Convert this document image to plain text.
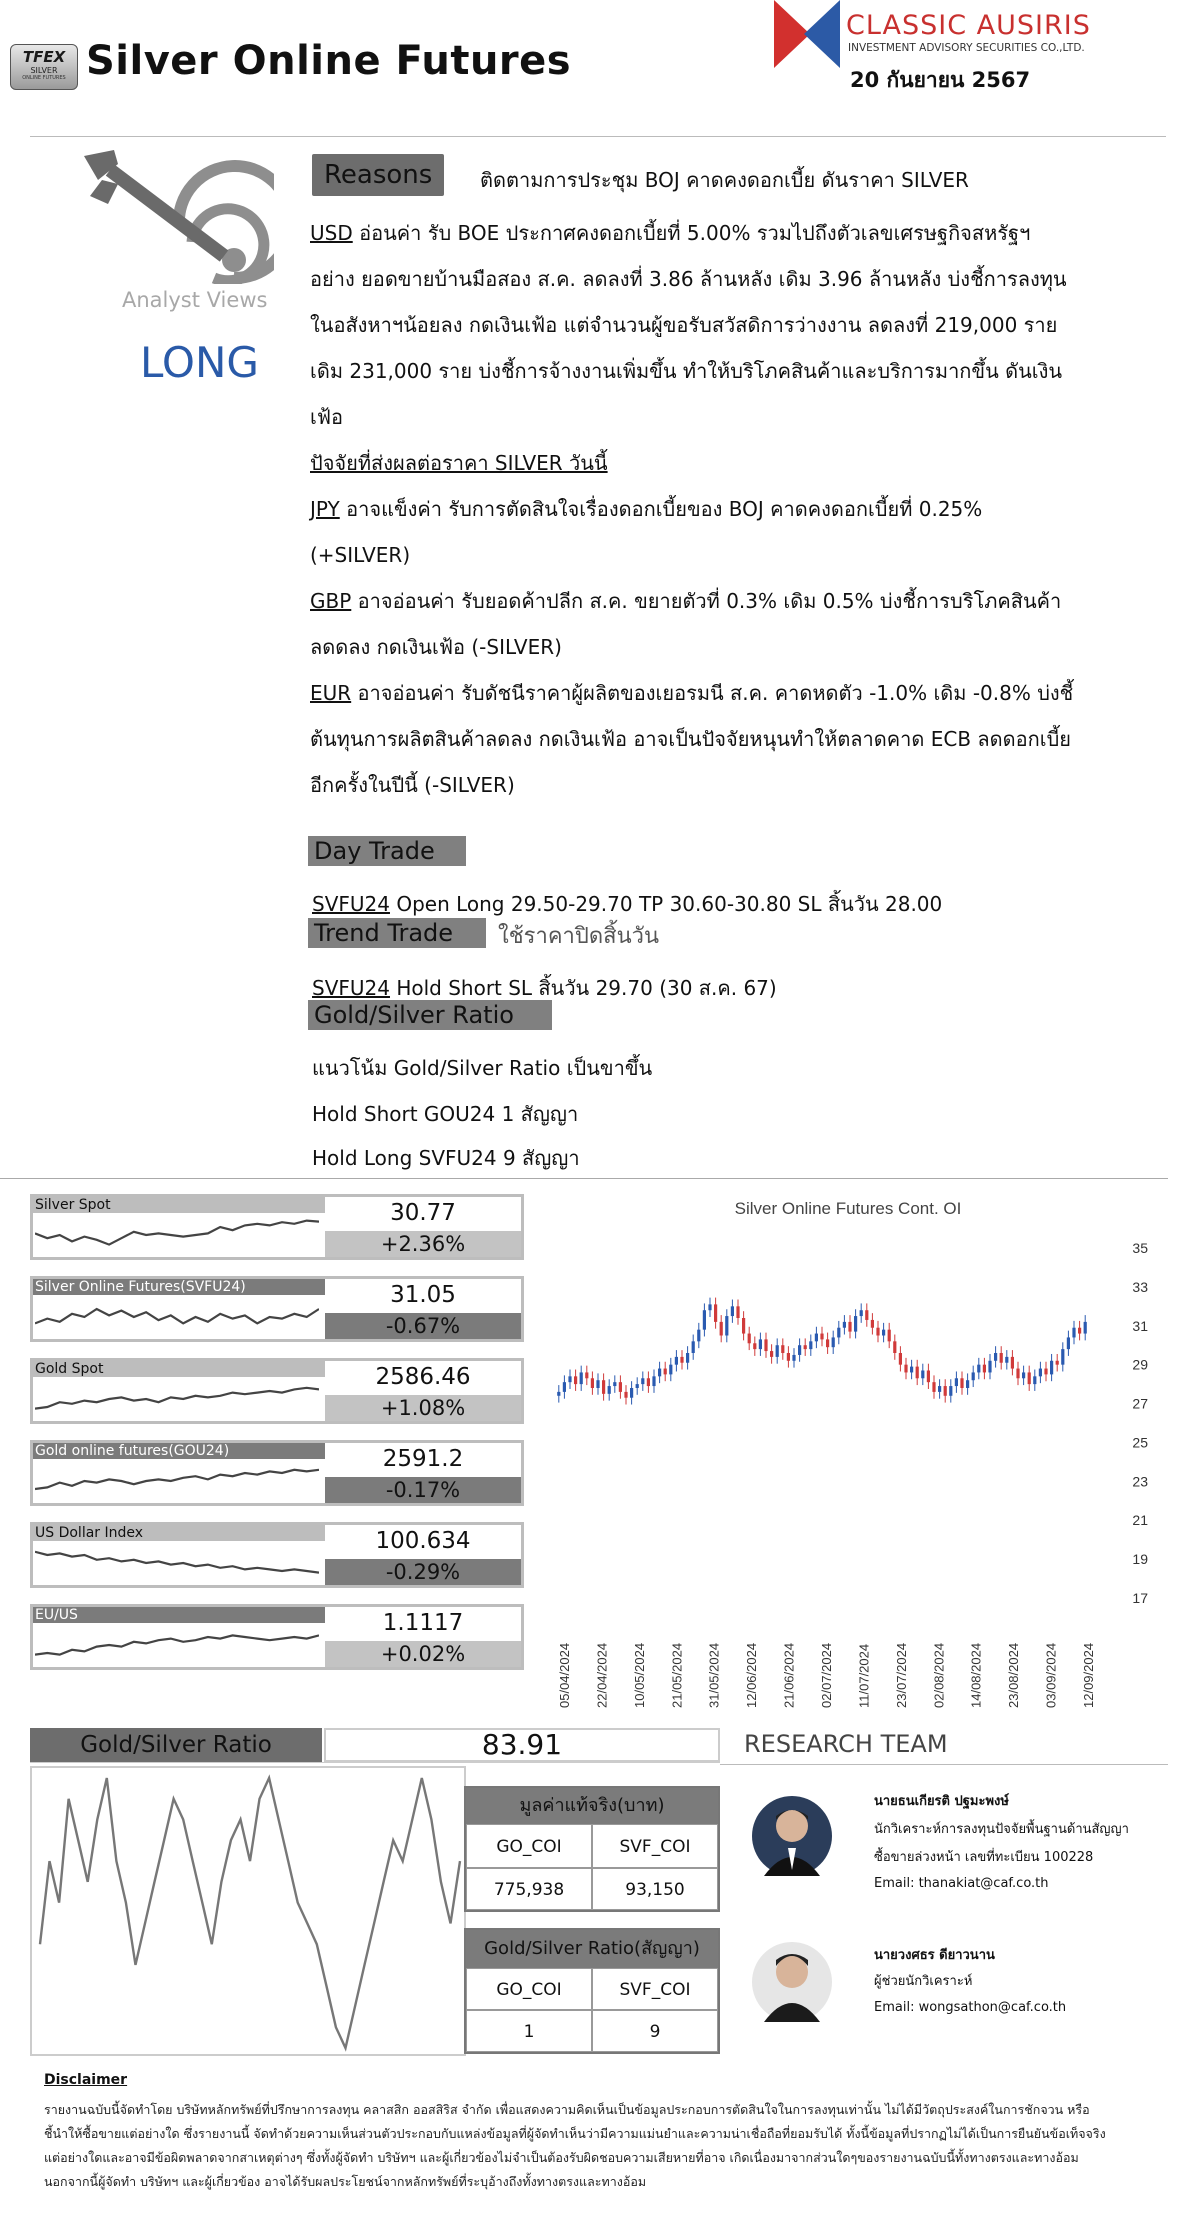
TFEX
SILVER
ONLINE FUTURES Silver Online Futures
CLASSIC AUSIRIS
INVESTMENT ADVISORY SECURITIES CO.,LTD.
20 กันยายน 2567
Analyst Views
LONG
Reasons	ติดตามการประชุม BOJ คาดคงดอกเบี้ย ดันราคา SILVER
USD อ่อนค่า รับ BOE ประกาศคงดอกเบี้ยที่ 5.00% รวมไปถึงตัวเลขเศรษฐกิจสหรัฐฯ
อย่าง ยอดขายบ้านมือสอง ส.ค. ลดลงที่ 3.86 ล้านหลัง เดิม 3.96 ล้านหลัง บ่งชี้การลงทุน
ในอสังหาฯน้อยลง กดเงินเฟ้อ แต่จำนวนผู้ขอรับสวัสดิการว่างงาน ลดลงที่ 219,000 ราย
เดิม 231,000 ราย บ่งชี้การจ้างงานเพิ่มขึ้น ทำให้บริโภคสินค้าและบริการมากขึ้น ดันเงิน
เฟ้อ
ปัจจัยที่ส่งผลต่อราคา SILVER วันนี้
JPY อาจแข็งค่า รับการตัดสินใจเรื่องดอกเบี้ยของ BOJ คาดคงดอกเบี้ยที่ 0.25%
(+SILVER)
GBP อาจอ่อนค่า รับยอดค้าปลีก ส.ค. ขยายตัวที่ 0.3% เดิม 0.5% บ่งชี้การบริโภคสินค้า
ลดดลง กดเงินเฟ้อ (-SILVER)
EUR อาจอ่อนค่า รับดัชนีราคาผู้ผลิตของเยอรมนี ส.ค. คาดหดตัว -1.0% เดิม -0.8% บ่งชี้
ต้นทุนการผลิตสินค้าลดลง กดเงินเฟ้อ อาจเป็นปัจจัยหนุนทำให้ตลาดคาด ECB ลดดอกเบี้ย
อีกครั้งในปีนี้ (-SILVER)
Day Trade
SVFU24 Open Long 29.50-29.70 TP 30.60-30.80 SL สิ้นวัน 28.00
Trend Trade	ใช้ราคาปิดสิ้นวัน
SVFU24 Hold Short SL สิ้นวัน 29.70 (30 ส.ค. 67)
Gold/Silver Ratio
แนวโน้ม Gold/Silver Ratio เป็นขาขึ้น
Hold Short GOU24 1 สัญญา
Hold Long SVFU24 9 สัญญา
Silver Spot	30.77
+2.36%
Silver Online Futures(SVFU24)	31.05
-0.67%
Gold Spot	2586.46
+1.08%
Gold online futures(GOU24)	2591.2
-0.17%
US Dollar Index	100.634
-0.29%
EU/US	1.1117
+0.02%
Silver Online Futures Cont. OI
17
19
21
23
25
27
29
31
33
35
05/04/2024 22/04/2024 10/05/2024 21/05/2024 31/05/2024 12/06/2024 21/06/2024 02/07/2024 11/07/2024 23/07/2024 02/08/2024 14/08/2024 23/08/2024 03/09/2024 12/09/2024
Gold/Silver Ratio	83.91
มูลค่าแท้จริง(บาท)
GO_COI	SVF_COI
775,938	93,150
Gold/Silver Ratio(สัญญา)
GO_COI	SVF_COI
1	9
RESEARCH TEAM
นายธนเกียรติ ปฐมะพงษ์
นักวิเคราะห์การลงทุนปัจจัยพื้นฐานด้านสัญญา
ซื้อขายล่วงหน้า เลขที่ทะเบียน 100228
Email: thanakiat@caf.co.th
นายวงศธร ดียาวนาน
ผู้ช่วยนักวิเคราะห์
Email: wongsathon@caf.co.th
Disclaimer
รายงานฉบับนี้จัดทำโดย บริษัทหลักทรัพย์ที่ปรึกษาการลงทุน คลาสสิก ออสสิริส จำกัด เพื่อแสดงความคิดเห็นเป็นข้อมูลประกอบการตัดสินใจในการลงทุนเท่านั้น ไม่ได้มีวัตถุประสงค์ในการชักจวน หรือ
ชี้นำให้ซื้อขายแต่อย่างใด ซึ่งรายงานนี้ จัดทำด้วยความเห็นส่วนตัวประกอบกับแหล่งข้อมูลที่ผู้จัดทำเห็นว่ามีความแม่นยำและความน่าเชื่อถือที่ยอมรับได้ ทั้งนี้ข้อมูลที่ปรากฏไม่ได้เป็นการยืนยันข้อเท็จจริง
แต่อย่างใดและอาจมีข้อผิดพลาดจากสาเหตุต่างๆ ซึ่งทั้งผู้จัดทำ บริษัทฯ และผู้เกี่ยวข้องไม่จำเป็นต้องรับผิดชอบความเสียหายที่อาจ เกิดเนื่องมาจากส่วนใดๆของรายงานฉบับนี้ทั้งทางตรงและทางอ้อม
นอกจากนี้ผู้จัดทำ บริษัทฯ และผู้เกี่ยวข้อง อาจได้รับผลประโยชน์จากหลักทรัพย์ที่ระบุอ้างถึงทั้งทางตรงและทางอ้อม
